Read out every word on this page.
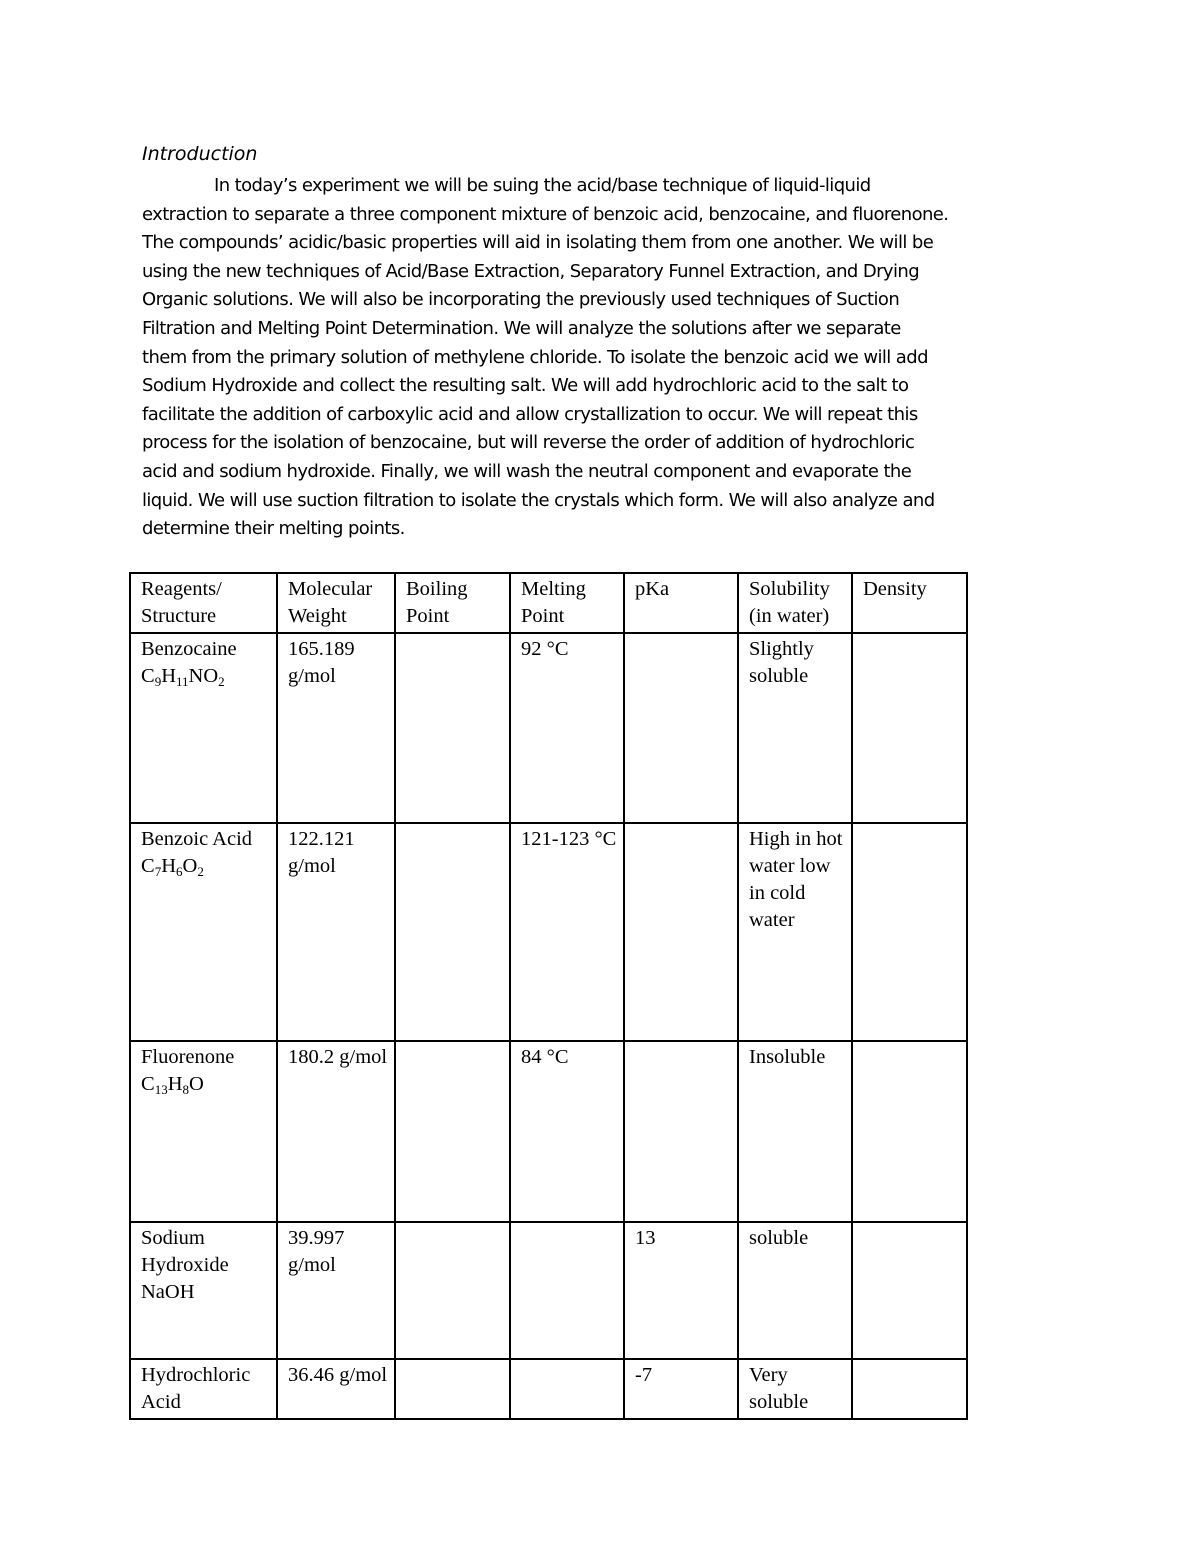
Introduction
In today’s experiment we will be suing the acid/base technique of liquid-liquid
extraction to separate a three component mixture of benzoic acid, benzocaine, and fluorenone.
The compounds’ acidic/basic properties will aid in isolating them from one another. We will be
using the new techniques of Acid/Base Extraction, Separatory Funnel Extraction, and Drying
Organic solutions. We will also be incorporating the previously used techniques of Suction
Filtration and Melting Point Determination. We will analyze the solutions after we separate
them from the primary solution of methylene chloride. To isolate the benzoic acid we will add
Sodium Hydroxide and collect the resulting salt. We will add hydrochloric acid to the salt to
facilitate the addition of carboxylic acid and allow crystallization to occur. We will repeat this
process for the isolation of benzocaine, but will reverse the order of addition of hydrochloric
acid and sodium hydroxide. Finally, we will wash the neutral component and evaporate the
liquid. We will use suction filtration to isolate the crystals which form. We will also analyze and
determine their melting points.
Reagents/ Structure	Molecular Weight	Boiling Point	Melting Point	pKa	Solubility (in water)	Density

Benzocaine
$C_9H_{11}NO_2$	165.189 g/mol		92 °C		Slightly soluble	

Benzoic Acid
$C_7H_6O_2$	122.121 g/mol		121-123 °C		High in hot water low in cold water	

Fluorenone
$C_{13}H_8O$	180.2 g/mol		84 °C		Insoluble	

Sodium Hydroxide
NaOH	39.997 g/mol			13	soluble	

Hydrochloric Acid	36.46 g/mol			-7	Very soluble	
